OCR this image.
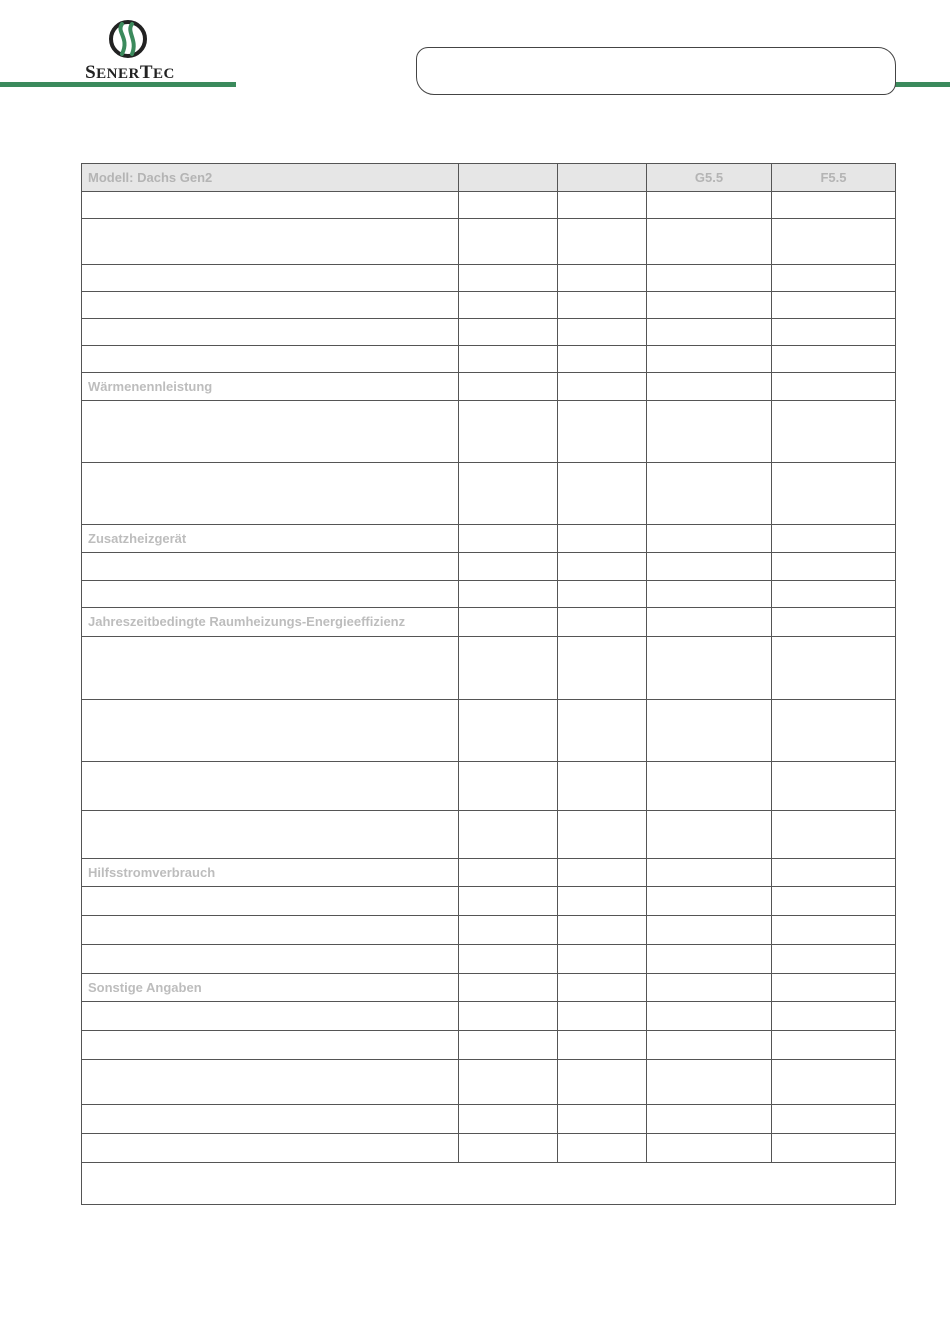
SENERTEC
Modell: Dachs Gen2			G5.5	F5.5

Wärmenennleistung				

Zusatzheizgerät				

Jahreszeitbedingte Raumheizungs-Energieeffizienz				

Hilfsstromverbrauch				

Sonstige Angaben				
